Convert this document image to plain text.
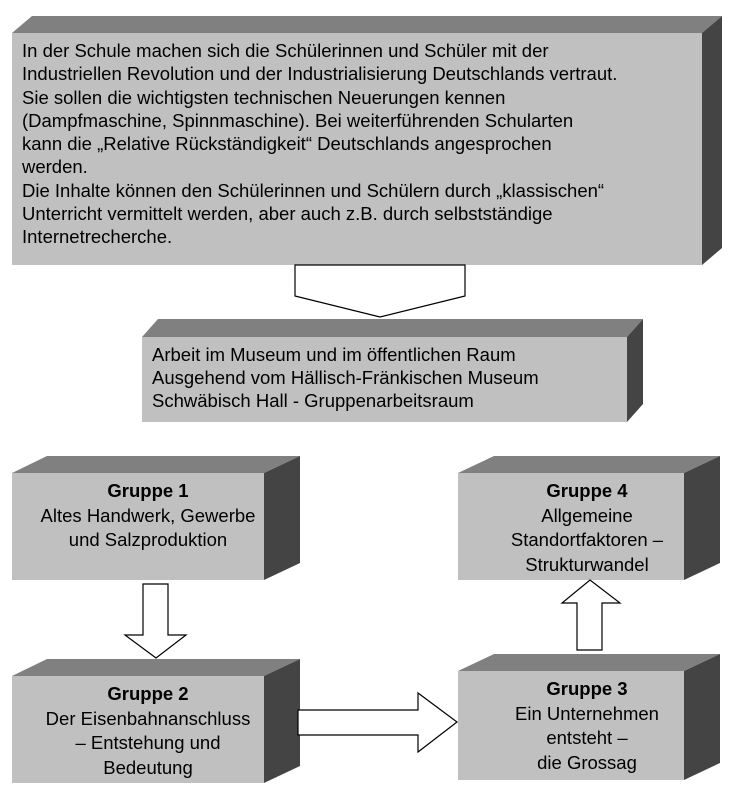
In der Schule machen sich die Schülerinnen und Schüler mit der
Industriellen Revolution und der Industrialisierung Deutschlands vertraut.
Sie sollen die wichtigsten technischen Neuerungen kennen
(Dampfmaschine, Spinnmaschine). Bei weiterführenden Schularten
kann die „Relative Rückständigkeit“ Deutschlands angesprochen
werden.
Die Inhalte können den Schülerinnen und Schülern durch „klassischen“
Unterricht vermittelt werden, aber auch z.B. durch selbstständige
Internetrecherche.
Arbeit im Museum und im öffentlichen Raum
Ausgehend vom Hällisch-Fränkischen Museum
Schwäbisch Hall - Gruppenarbeitsraum
Gruppe 1
Altes Handwerk, Gewerbe
und Salzproduktion
Gruppe 4
Allgemeine
Standortfaktoren –
Strukturwandel
Gruppe 2
Der Eisenbahnanschluss
– Entstehung und
Bedeutung
Gruppe 3
Ein Unternehmen
entsteht –
die Grossag
